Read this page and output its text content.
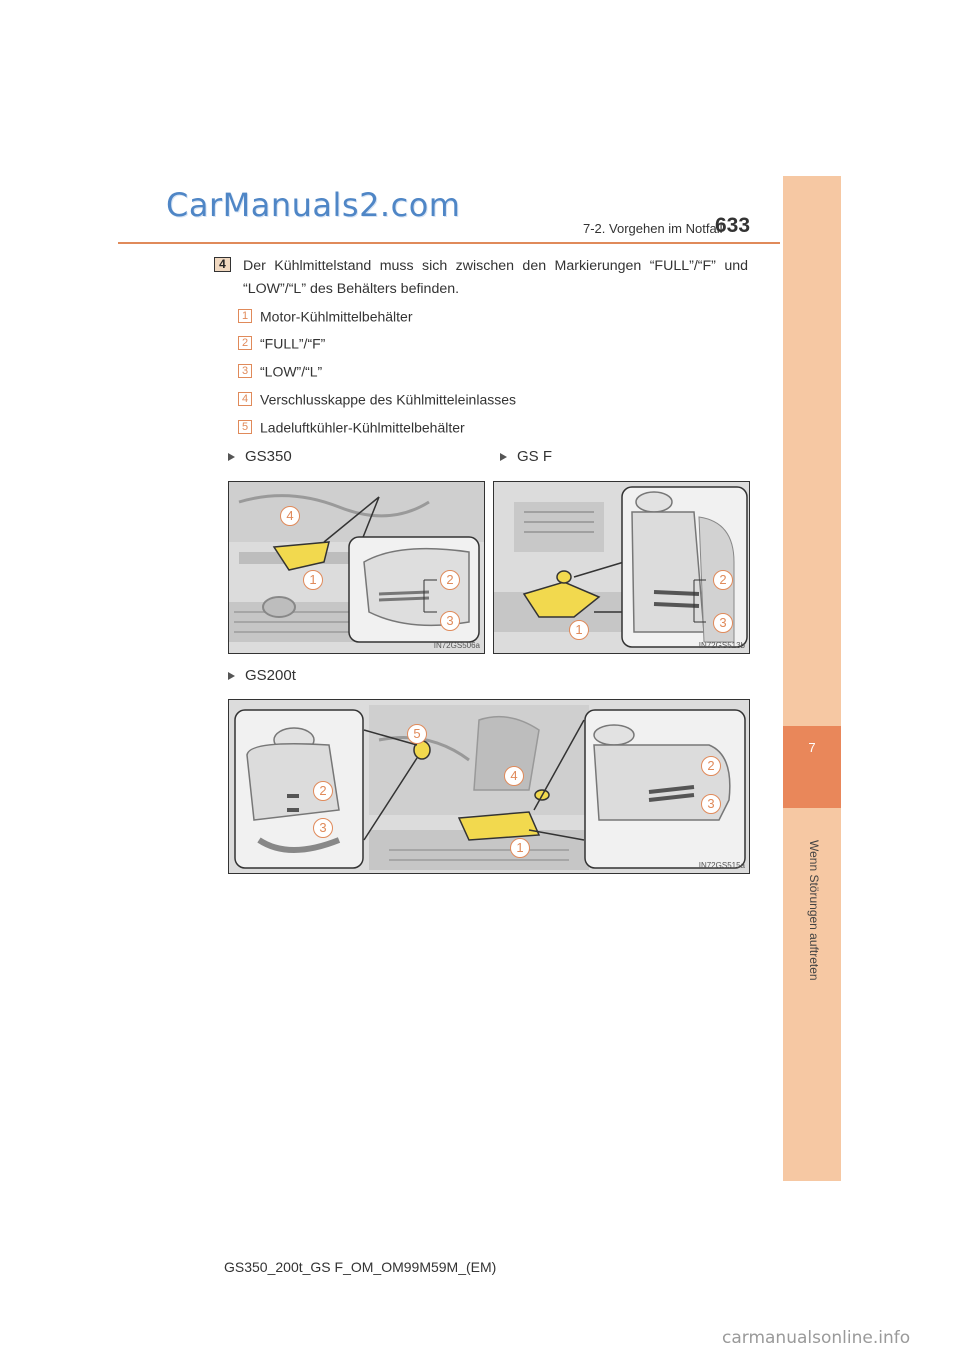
CarManuals2.com
7-2. Vorgehen im Notfall
633
7
Wenn Störungen auftreten
4	Der Kühlmittelstand muss sich zwischen den Markierungen “FULL”/“F” und “LOW”/“L” des Behälters befinden.
1 Motor-Kühlmittelbehälter
2 “FULL”/“F”
3 “LOW”/“L”
4 Verschlusskappe des Kühlmitteleinlasses
5 Ladeluftkühler-Kühlmittelbehälter
GS350	GS F
GS200t
4
1	2
3
IN72GS506a
2
1	3
IN72GS513b
5
2
4
3
1
2
3
IN72GS515a
GS350_200t_GS F_OM_OM99M59M_(EM)
carmanualsonline.info
